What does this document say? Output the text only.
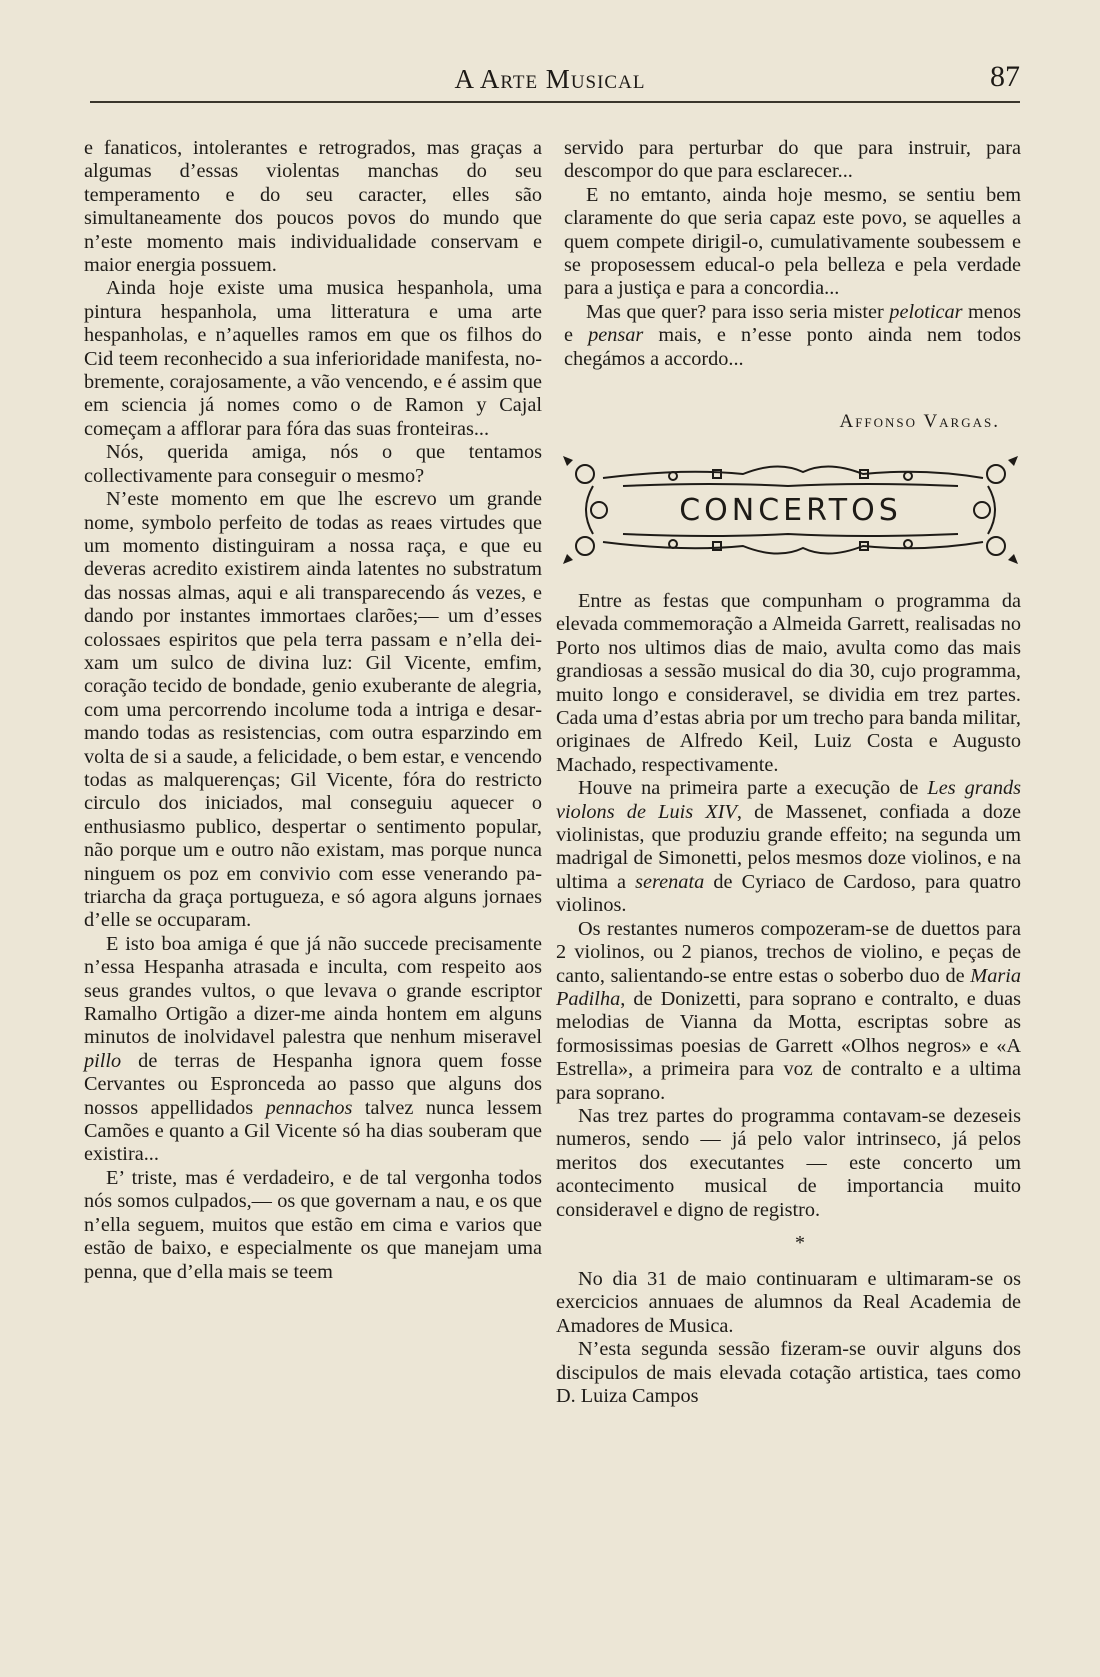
A Arte Musical	87

e fanaticos, intolerantes e retrogrados, mas graças a algumas d’essas violentas manchas do seu temperamento e do seu caracter, elles são simultaneamente dos poucos povos do mundo que n’este momento mais individualidade conservam e maior energia possuem.

Ainda hoje existe uma musica hespanhola, uma pintura hespanhola, uma litteratura e uma arte hespanholas, e n’aquelles ramos em que os filhos do Cid teem reconhecido a sua inferioridade manifesta, nobremente, corajosamente, a vão vencendo, e é assim que em sciencia já nomes como o de Ramon y Cajal começam a afflorar para fóra das suas fronteiras...

Nós, querida amiga, nós o que tentamos collectivamente para conseguir o mesmo?

N’este momento em que lhe escrevo um grande nome, symbolo perfeito de todas as reaes virtudes que um momento distinguiram a nossa raça, e que eu deveras acredito existirem ainda latentes no substratum das nossas almas, aqui e ali transparecendo ás vezes, e dando por instantes immortaes clarões;— um d’esses colossaes espiritos que pela terra passam e n’ella deixam um sulco de divina luz: Gil Vicente, emfim, coração tecido de bondade, genio exuberante de alegria, com uma percorrendo incolume toda a intriga e desarmando todas as resistencias, com outra esparzindo em volta de si a saude, a felicidade, o bem estar, e vencendo todas as malquerenças; Gil Vicente, fóra do restricto circulo dos iniciados, mal conseguiu aquecer o enthusiasmo publico, despertar o sentimento popular, não porque um e outro não existam, mas porque nunca ninguem os poz em convivio com esse venerando patriarcha da graça portugueza, e só agora alguns jornaes d’elle se occuparam.

E isto boa amiga é que já não succede precisamente n’essa Hespanha atrasada e inculta, com respeito aos seus grandes vultos, o que levava o grande escriptor Ramalho Ortigão a dizer-me ainda hontem em alguns minutos de inolvidavel palestra que nenhum miseravel pillo de terras de Hespanha ignora quem fosse Cervantes ou Espronceda ao passo que alguns dos nossos appellidados pennachos talvez nunca lessem Camões e quanto a Gil Vicente só ha dias souberam que existira...

E’ triste, mas é verdadeiro, e de tal vergonha todos nós somos culpados,— os que governam a nau, e os que n’ella seguem, muitos que estão em cima e varios que estão de baixo, e especialmente os que manejam uma penna, que d’ella mais se teem

servido para perturbar do que para instruir, para descompor do que para esclarecer...

E no emtanto, ainda hoje mesmo, se sentiu bem claramente do que seria capaz este povo, se aquelles a quem compete dirigil-o, cumulativamente soubessem e se proposessem educal-o pela belleza e pela verdade para a justiça e para a concordia...

Mas que quer? para isso seria mister peloticar menos e pensar mais, e n’esse ponto ainda nem todos chegámos a accordo...

Affonso Vargas.
CONCERTOS

Entre as festas que compunham o programma da elevada commemoração a Almeida Garrett, realisadas no Porto nos ultimos dias de maio, avulta como das mais grandiosas a sessão musical do dia 30, cujo programma, muito longo e consideravel, se dividia em trez partes. Cada uma d’estas abria por um trecho para banda militar, originaes de Alfredo Keil, Luiz Costa e Augusto Machado, respectivamente.

Houve na primeira parte a execução de Les grands violons de Luis XIV, de Massenet, confiada a doze violinistas, que produziu grande effeito; na segunda um madrigal de Simonetti, pelos mesmos doze violinos, e na ultima a serenata de Cyriaco de Cardoso, para quatro violinos.

Os restantes numeros compozeram-se de duettos para 2 violinos, ou 2 pianos, trechos de violino, e peças de canto, salientando-se entre estas o soberbo duo de Maria Padilha, de Donizetti, para soprano e contralto, e duas melodias de Vianna da Motta, escriptas sobre as formosissimas poesias de Garrett «Olhos negros» e «A Estrella», a primeira para voz de contralto e a ultima para soprano.

Nas trez partes do programma contavam-se dezeseis numeros, sendo — já pelo valor intrinseco, já pelos meritos dos executantes — este concerto um acontecimento musical de importancia muito consideravel e digno de registro.

*

No dia 31 de maio continuaram e ultimaram-se os exercicios annuaes de alumnos da Real Academia de Amadores de Musica.

N’esta segunda sessão fizeram-se ouvir alguns dos discipulos de mais elevada cotação artistica, taes como D. Luiza Campos
